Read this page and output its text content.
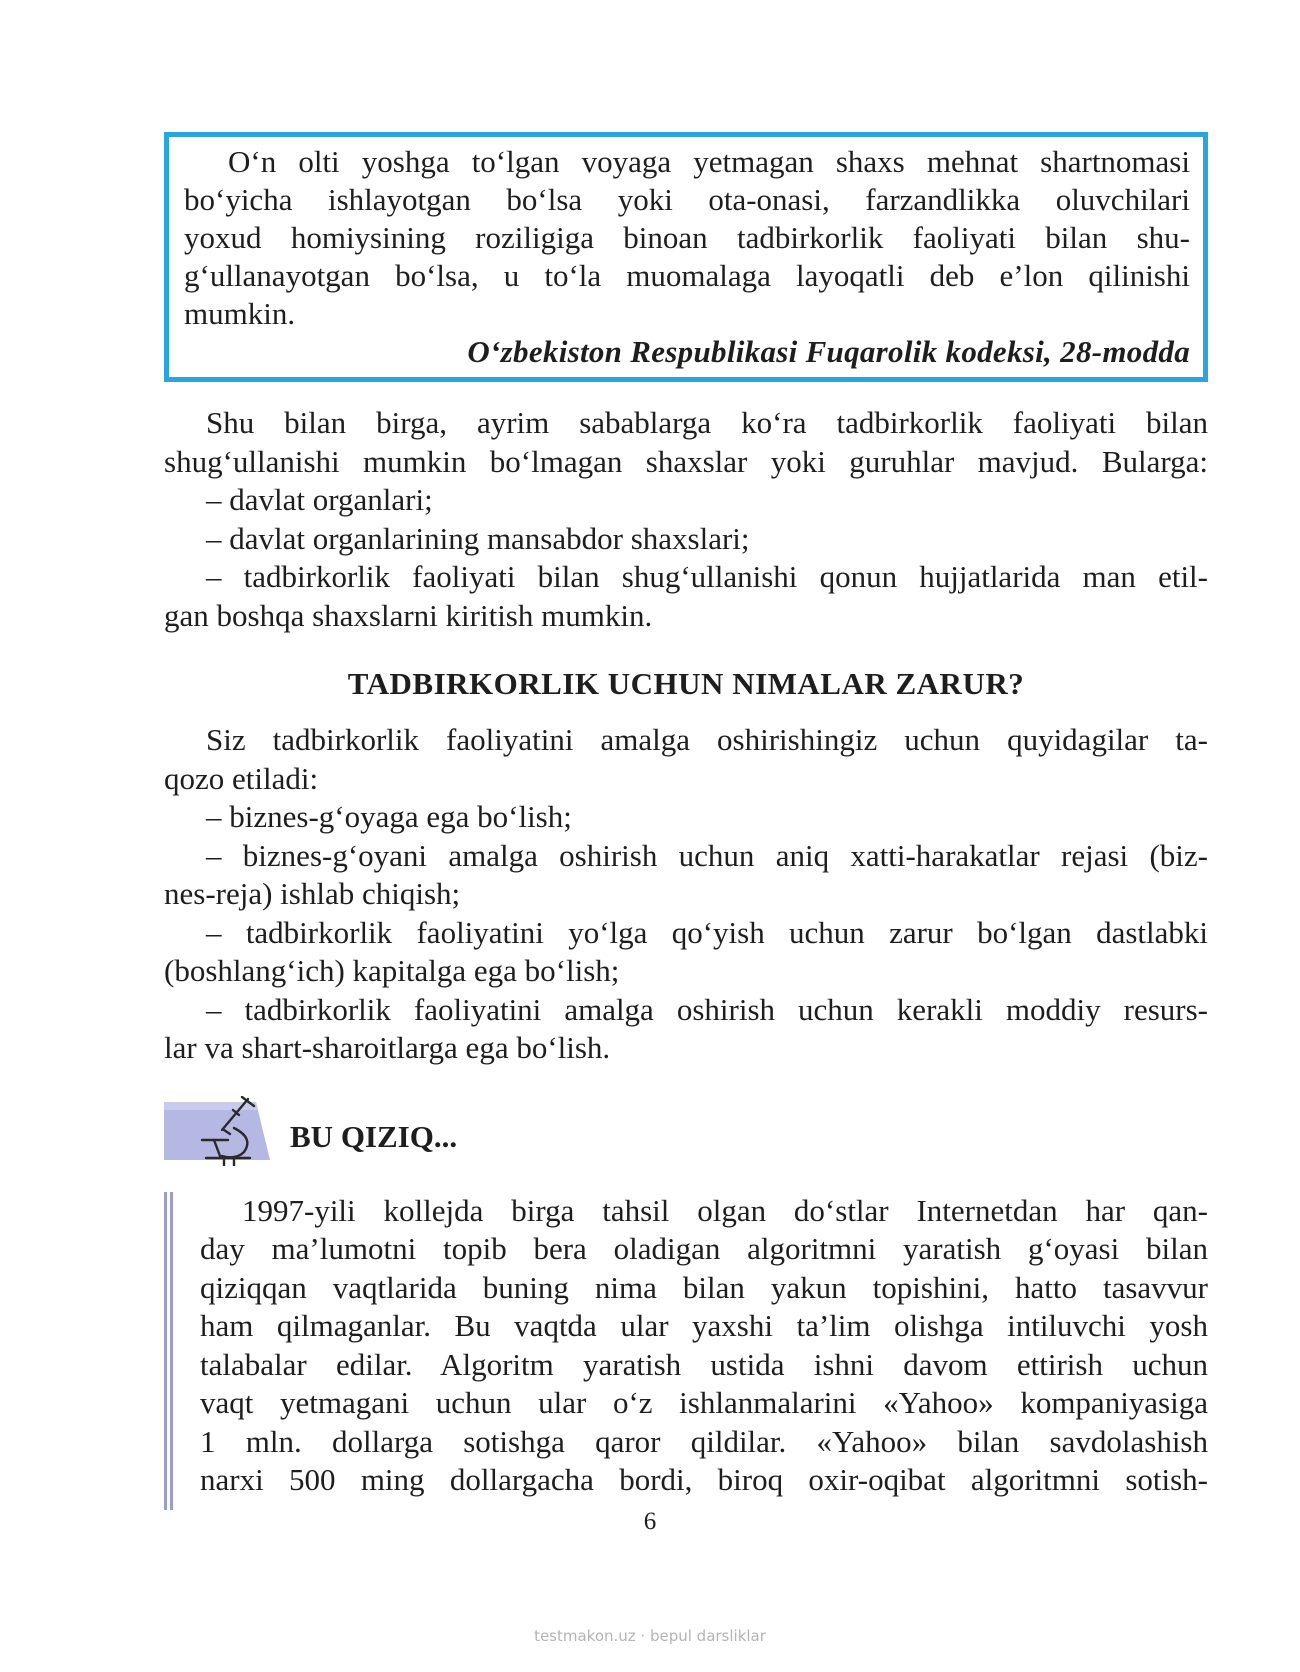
O‘n olti yoshga to‘lgan voyaga yetmagan shaxs mehnat shartnomasi

bo‘yicha ishlayotgan bo‘lsa yoki ota-onasi, farzandlikka oluvchilari

yoxud homiysining roziligiga binoan tadbirkorlik faoliyati bilan shu-

g‘ullanayotgan bo‘lsa, u to‘la muomalaga layoqatli deb e’lon qilinishi

mumkin.

O‘zbekiston Respublikasi Fuqarolik kodeksi, 28-modda

Shu bilan birga, ayrim sabablarga ko‘ra tadbirkorlik faoliyati bilan

shug‘ullanishi mumkin bo‘lmagan shaxslar yoki guruhlar mavjud. Bularga:

– davlat organlari;

– davlat organlarining mansabdor shaxslari;

– tadbirkorlik faoliyati bilan shug‘ullanishi qonun hujjatlarida man etil-

gan boshqa shaxslarni kiritish mumkin.

TADBIRKORLIK UCHUN NIMALAR ZARUR?

Siz tadbirkorlik faoliyatini amalga oshirishingiz uchun quyidagilar ta-

qozo etiladi:

– biznes-g‘oyaga ega bo‘lish;

– biznes-g‘oyani amalga oshirish uchun aniq xatti-harakatlar rejasi (biz-

nes-reja) ishlab chiqish;

– tadbirkorlik faoliyatini yo‘lga qo‘yish uchun zarur bo‘lgan dastlabki

(boshlang‘ich) kapitalga ega bo‘lish;

– tadbirkorlik faoliyatini amalga oshirish uchun kerakli moddiy resurs-

lar va shart-sharoitlarga ega bo‘lish.

BU QIZIQ...

1997-yili kollejda birga tahsil olgan do‘stlar Internetdan har qan-

day ma’lumotni topib bera oladigan algoritmni yaratish g‘oyasi bilan

qiziqqan vaqtlarida buning nima bilan yakun topishini, hatto tasavvur

ham qilmaganlar. Bu vaqtda ular yaxshi ta’lim olishga intiluvchi yosh

talabalar edilar. Algoritm yaratish ustida ishni davom ettirish uchun

vaqt yetmagani uchun ular o‘z ishlanmalarini «Yahoo» kompaniyasiga

1 mln. dollarga sotishga qaror qildilar. «Yahoo» bilan savdolashish

narxi 500 ming dollargacha bordi, biroq oxir-oqibat algoritmni sotish-

6

testmakon.uz · bepul darsliklar
